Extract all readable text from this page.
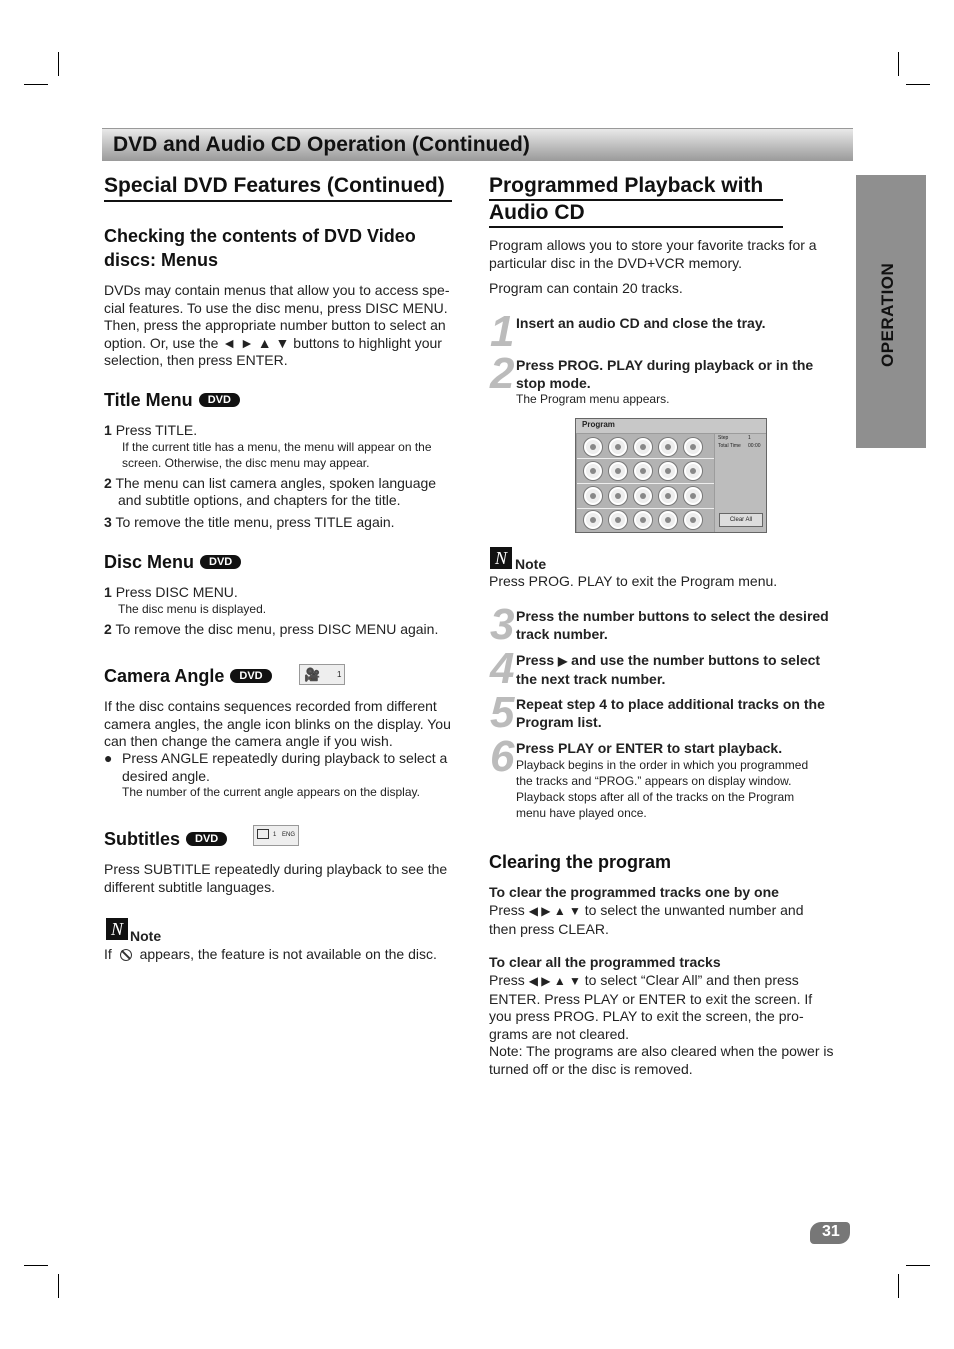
DVD and Audio CD Operation (Continued)
OPERATION
Special DVD Features (Continued)
Checking the contents of DVD Video
discs: Menus
DVDs may contain menus that allow you to access spe-
cial features. To use the disc menu, press DISC MENU.
Then, press the appropriate number button to select an
option. Or, use the ◄ ► ▲ ▼ buttons to highlight your
selection, then press ENTER.
Title Menu DVD
1 Press TITLE.
If the current title has a menu, the menu will appear on the
screen. Otherwise, the disc menu may appear.
2 The menu can list camera angles, spoken language
and subtitle options, and chapters for the title.
3 To remove the title menu, press TITLE again.
Disc Menu DVD
1 Press DISC MENU.
The disc menu is displayed.
2 To remove the disc menu, press DISC MENU again.
Camera Angle DVD	🎥 1
If the disc contains sequences recorded from different
camera angles, the angle icon blinks on the display. You
can then change the camera angle if you wish.
● Press ANGLE repeatedly during playback to select a
desired angle.
The number of the current angle appears on the display.
Subtitles DVD	1 ENG
Press SUBTITLE repeatedly during playback to see the
different subtitle languages.
N Note
If appears, the feature is not available on the disc.
Programmed Playback with
Audio CD
Program allows you to store your favorite tracks for a
particular disc in the DVD+VCR memory.
Program can contain 20 tracks.
1 Insert an audio CD and close the tray.
2 Press PROG. PLAY during playback or in the
stop mode.
The Program menu appears.
Program
Step	1
Total Time 00:00
Clear All
N Note
Press PROG. PLAY to exit the Program menu.
3 Press the number buttons to select the desired
track number.
4 Press ▶ and use the number buttons to select
the next track number.
5 Repeat step 4 to place additional tracks on the
Program list.
6 Press PLAY or ENTER to start playback.
Playback begins in the order in which you programmed
the tracks and “PROG.” appears on display window.
Playback stops after all of the tracks on the Program
menu have played once.
Clearing the program
To clear the programmed tracks one by one
Press ◀ ▶ ▲ ▼ to select the unwanted number and
then press CLEAR.
To clear all the programmed tracks
Press ◀ ▶ ▲ ▼ to select “Clear All” and then press
ENTER. Press PLAY or ENTER to exit the screen. If
you press PROG. PLAY to exit the screen, the pro-
grams are not cleared.
Note: The programs are also cleared when the power is
turned off or the disc is removed.
31
